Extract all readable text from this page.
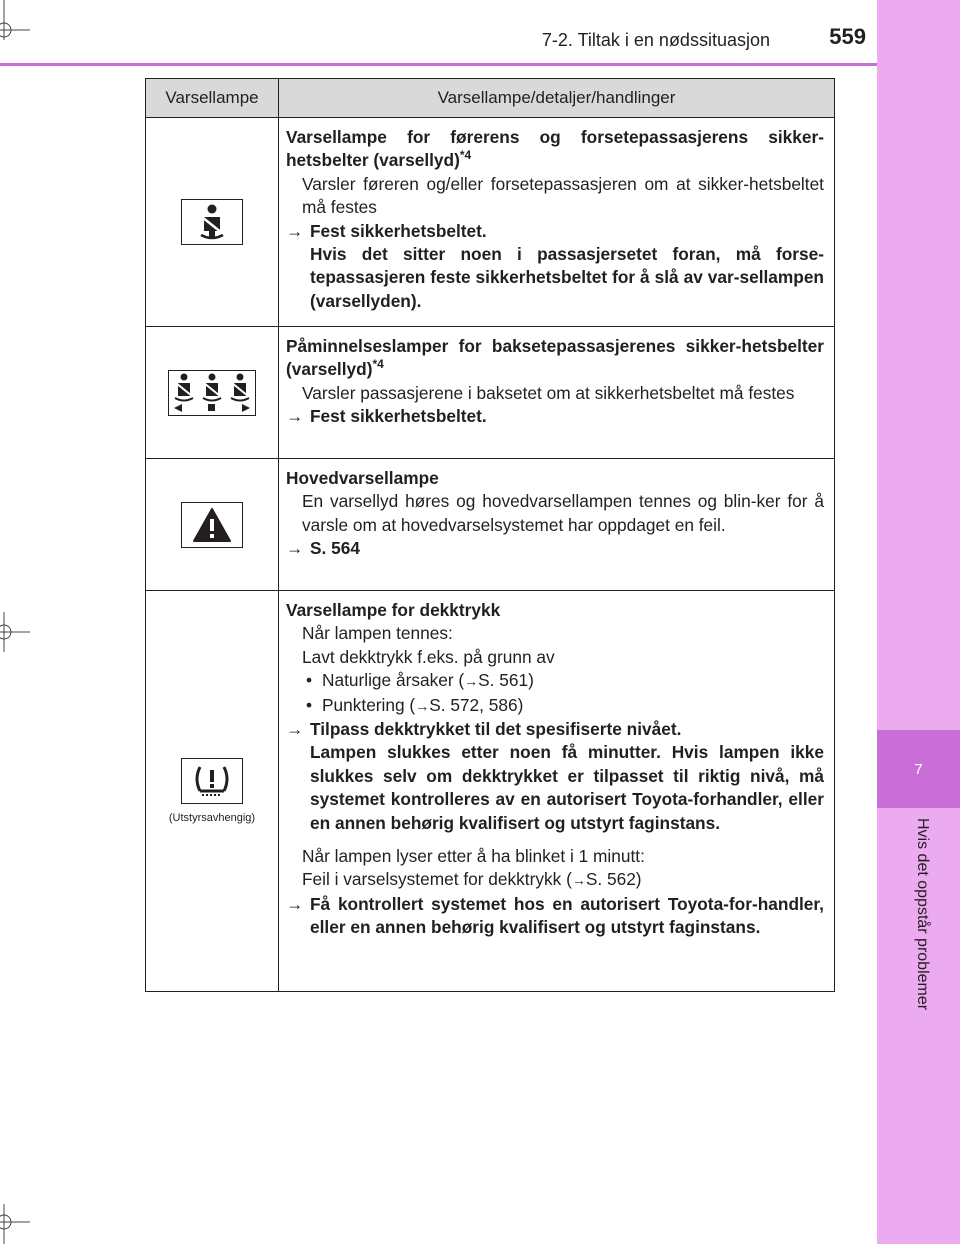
7
Hvis det oppstår problemer
7-2. Tiltak i en nødssituasjon	559
Varsellampe	Varsellampe/detaljer/handlinger
Varsellampe for førerens og forsetepassasjerens sikker-hetsbelter (varsellyd)$^{*4}$
Varsler føreren og/eller forsetepassasjeren om at sikker-hetsbeltet må festes
→ Fest sikkerhetsbeltet.
Hvis det sitter noen i passasjersetet foran, må forse-tepassasjeren feste sikkerhetsbeltet for å slå av var-sellampen (varsellyden).
Påminnelseslamper for baksetepassasjerenes sikker-hetsbelter (varsellyd)$^{*4}$
Varsler passasjerene i baksetet om at sikkerhetsbeltet må festes
→ Fest sikkerhetsbeltet.
Hovedvarsellampe
En varsellyd høres og hovedvarsellampen tennes og blin-ker for å varsle om at hovedvarselsystemet har oppdaget en feil.
→ S. 564
(Utstyrsavhengig)
Varsellampe for dekktrykk
Når lampen tennes:
Lavt dekktrykk f.eks. på grunn av
• Naturlige årsaker (→S. 561)
• Punktering (→S. 572, 586)
→ Tilpass dekktrykket til det spesifiserte nivået.
Lampen slukkes etter noen få minutter. Hvis lampen ikke slukkes selv om dekktrykket er tilpasset til riktig nivå, må systemet kontrolleres av en autorisert Toyota-forhandler, eller en annen behørig kvalifisert og utstyrt faginstans.
Når lampen lyser etter å ha blinket i 1 minutt:
Feil i varselsystemet for dekktrykk (→S. 562)
→ Få kontrollert systemet hos en autorisert Toyota-for-handler, eller en annen behørig kvalifisert og utstyrt faginstans.
